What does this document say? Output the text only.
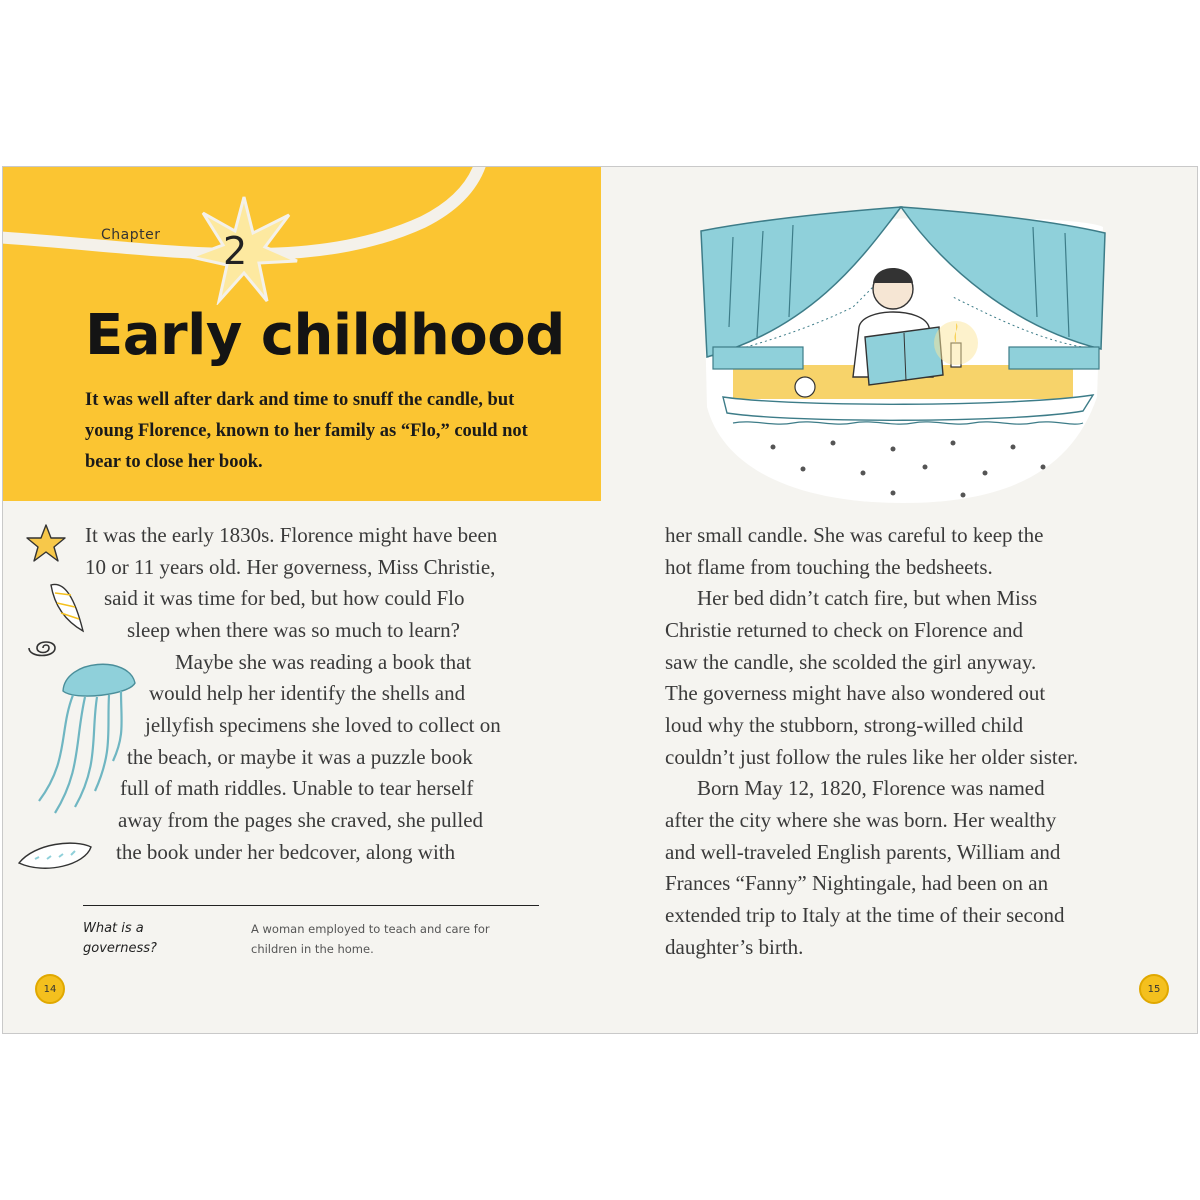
Chapter 2
Early childhood

It was well after dark and time to snuff the candle, but young Florence, known to her family as “Flo,” could not bear to close her book.

It was the early 1830s. Florence might have been
10 or 11 years old. Her governess, Miss Christie,
said it was time for bed, but how could Flo
sleep when there was so much to learn?
Maybe she was reading a book that
would help her identify the shells and
jellyfish specimens she loved to collect on
the beach, or maybe it was a puzzle book
full of math riddles. Unable to tear herself
away from the pages she craved, she pulled
the book under her bedcover, along with
What is a governess?
A woman employed to teach and care for children in the home.
14
her small candle. She was careful to keep the
hot flame from touching the bedsheets.
Her bed didn’t catch fire, but when Miss
Christie returned to check on Florence and
saw the candle, she scolded the girl anyway.
The governess might have also wondered out
loud why the stubborn, strong-willed child
couldn’t just follow the rules like her older sister.
Born May 12, 1820, Florence was named
after the city where she was born. Her wealthy
and well-traveled English parents, William and
Frances “Fanny” Nightingale, had been on an
extended trip to Italy at the time of their second
daughter’s birth.
15
